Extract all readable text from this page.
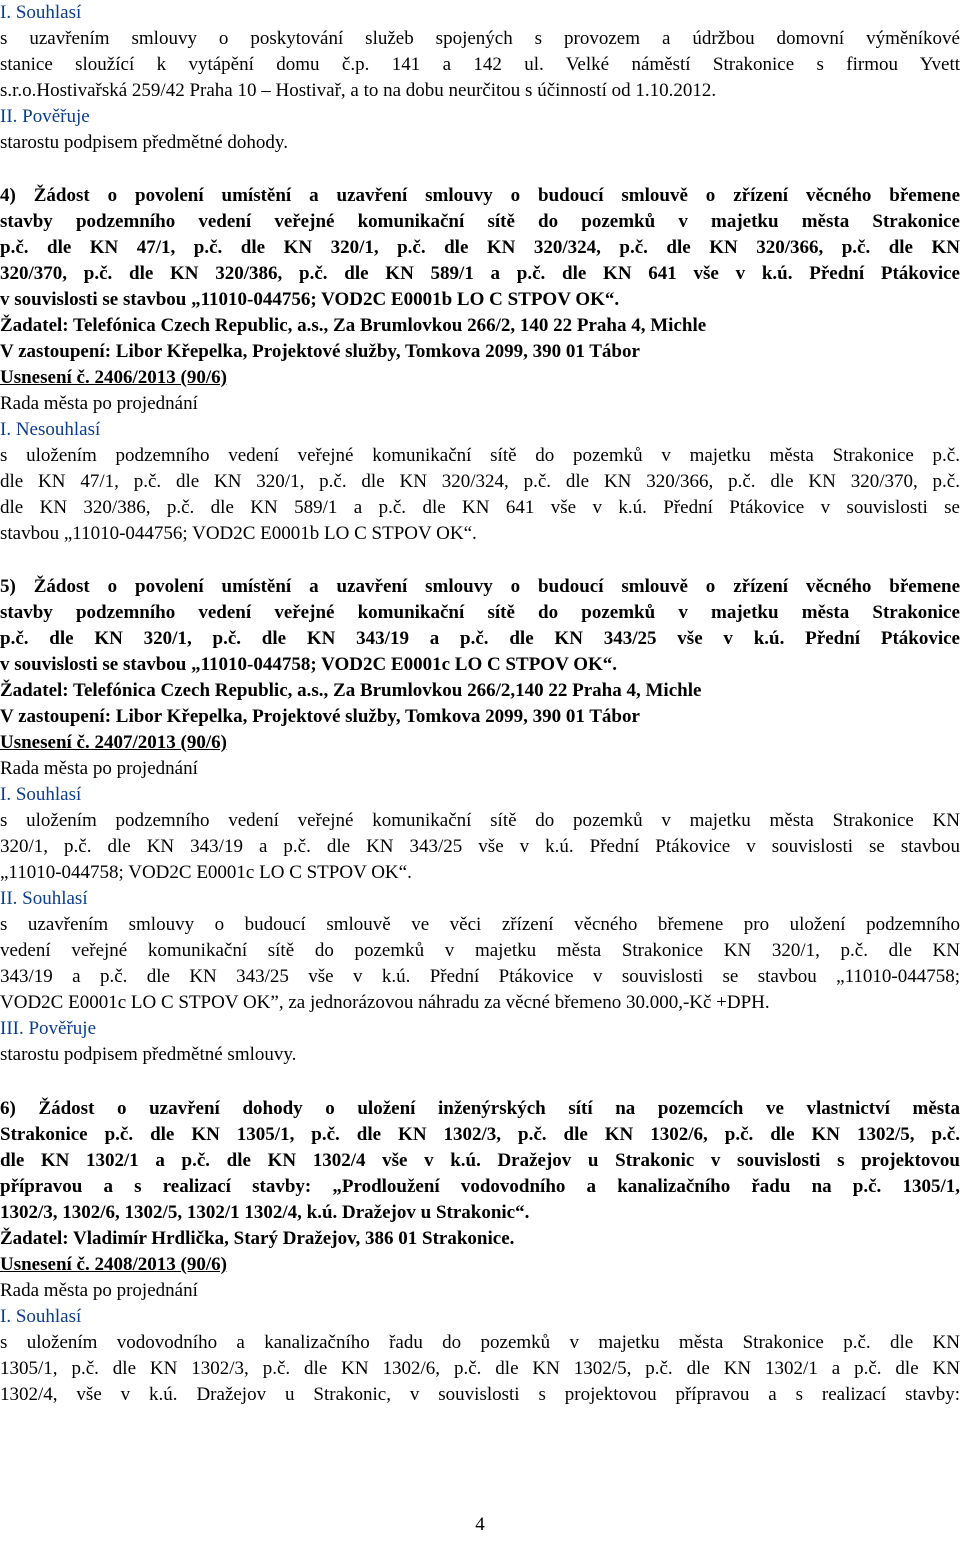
I. Souhlasí
s uzavřením smlouvy o poskytování služeb spojených s provozem a údržbou domovní výměníkové
stanice sloužící k vytápění domu č.p. 141 a 142 ul. Velké náměstí Strakonice s firmou Yvett
s.r.o.Hostivařská 259/42 Praha 10 – Hostivař, a to na dobu neurčitou s účinností od 1.10.2012.
II. Pověřuje
starostu podpisem předmětné dohody.
4) Žádost o povolení umístění a uzavření smlouvy o budoucí smlouvě o zřízení věcného břemene
stavby podzemního vedení veřejné komunikační sítě do pozemků v majetku města Strakonice
p.č. dle KN 47/1, p.č. dle KN 320/1, p.č. dle KN 320/324, p.č. dle KN 320/366, p.č. dle KN
320/370, p.č. dle KN 320/386, p.č. dle KN 589/1 a p.č. dle KN 641 vše v k.ú. Přední Ptákovice
v souvislosti se stavbou „11010-044756; VOD2C E0001b LO C STPOV OK“.
Žadatel: Telefónica Czech Republic, a.s., Za Brumlovkou 266/2, 140 22 Praha 4, Michle
V zastoupení: Libor Křepelka, Projektové služby, Tomkova 2099, 390 01 Tábor
Usnesení č. 2406/2013 (90/6)
Rada města po projednání
I. Nesouhlasí
s uložením podzemního vedení veřejné komunikační sítě do pozemků v majetku města Strakonice p.č.
dle KN 47/1, p.č. dle KN 320/1, p.č. dle KN 320/324, p.č. dle KN 320/366, p.č. dle KN 320/370, p.č.
dle KN 320/386, p.č. dle KN 589/1 a p.č. dle KN 641 vše v k.ú. Přední Ptákovice v souvislosti se
stavbou „11010-044756; VOD2C E0001b LO C STPOV OK“.
5) Žádost o povolení umístění a uzavření smlouvy o budoucí smlouvě o zřízení věcného břemene
stavby podzemního vedení veřejné komunikační sítě do pozemků v majetku města Strakonice
p.č. dle KN 320/1, p.č. dle KN 343/19 a p.č. dle KN 343/25 vše v k.ú. Přední Ptákovice
v souvislosti se stavbou „11010-044758; VOD2C E0001c LO C STPOV OK“.
Žadatel: Telefónica Czech Republic, a.s., Za Brumlovkou 266/2,140 22 Praha 4, Michle
V zastoupení: Libor Křepelka, Projektové služby, Tomkova 2099, 390 01 Tábor
Usnesení č. 2407/2013 (90/6)
Rada města po projednání
I. Souhlasí
s uložením podzemního vedení veřejné komunikační sítě do pozemků v majetku města Strakonice KN
320/1, p.č. dle KN 343/19 a p.č. dle KN 343/25 vše v k.ú. Přední Ptákovice v souvislosti se stavbou
„11010-044758; VOD2C E0001c LO C STPOV OK“.
II. Souhlasí
s uzavřením smlouvy o budoucí smlouvě ve věci zřízení věcného břemene pro uložení podzemního
vedení veřejné komunikační sítě do pozemků v majetku města Strakonice KN 320/1, p.č. dle KN
343/19 a p.č. dle KN 343/25 vše v k.ú. Přední Ptákovice v souvislosti se stavbou „11010-044758;
VOD2C E0001c LO C STPOV OK”, za jednorázovou náhradu za věcné břemeno 30.000,-Kč +DPH.
III. Pověřuje
starostu podpisem předmětné smlouvy.
6) Žádost o uzavření dohody o uložení inženýrských sítí na pozemcích ve vlastnictví města
Strakonice p.č. dle KN 1305/1, p.č. dle KN 1302/3, p.č. dle KN 1302/6, p.č. dle KN 1302/5, p.č.
dle KN 1302/1 a p.č. dle KN 1302/4 vše v k.ú. Dražejov u Strakonic v souvislosti s projektovou
přípravou a s realizací stavby: „Prodloužení vodovodního a kanalizačního řadu na p.č. 1305/1,
1302/3, 1302/6, 1302/5, 1302/1 1302/4, k.ú. Dražejov u Strakonic“.
Žadatel: Vladimír Hrdlička, Starý Dražejov, 386 01 Strakonice.
Usnesení č. 2408/2013 (90/6)
Rada města po projednání
I. Souhlasí
s uložením vodovodního a kanalizačního řadu do pozemků v majetku města Strakonice p.č. dle KN
1305/1, p.č. dle KN 1302/3, p.č. dle KN 1302/6, p.č. dle KN 1302/5, p.č. dle KN 1302/1 a p.č. dle KN
1302/4, vše v k.ú. Dražejov u Strakonic, v souvislosti s projektovou přípravou a s realizací stavby:
4
